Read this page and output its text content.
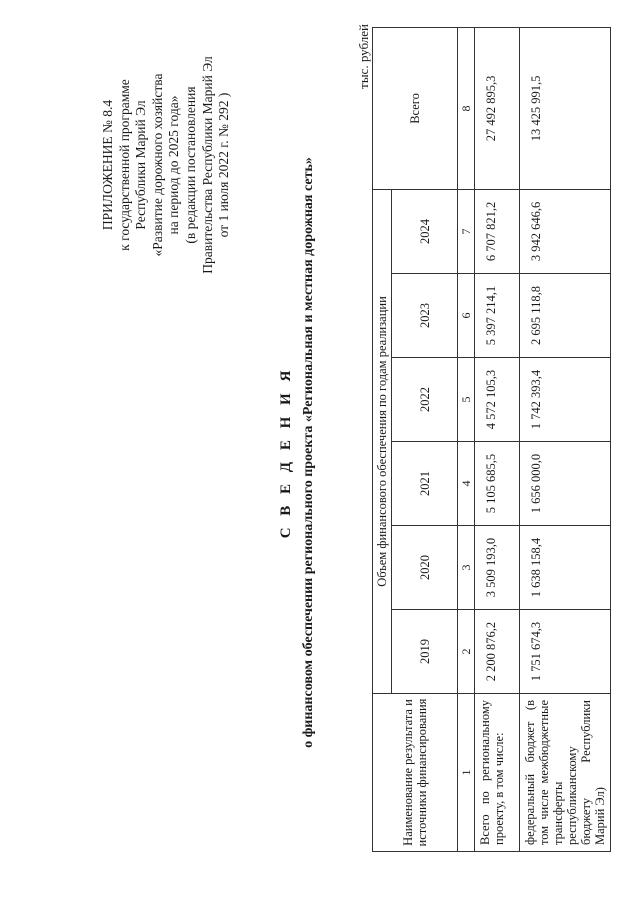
ПРИЛОЖЕНИЕ № 8.4 к государственной программе Республики Марий Эл «Развитие дорожного хозяйства на период до 2025 года» (в редакции постановления Правительства Республики Марий Эл от 1 июля 2022 г. № 292 )
С В Е Д Е Н И Я о финансовом обеспечении регионального проекта «Региональная и местная дорожная сеть»
тыс. рублей
Наименование результата и источники финансирования	Объем финансового обеспечения по годам реализации						Всего
	2019	2020	2021	2022	2023	2024	
1	2	3	4	5	6	7	8
Всего по региональному проекту, в том числе:	2 200 876,2	3 509 193,0	5 105 685,5	4 572 105,3	5 397 214,1	6 707 821,2	27 492 895,3
федеральный бюджет (в том числе межбюджетные трансферты республиканскому бюджету Республики Марий Эл)	1 751 674,3	1 638 158,4	1 656 000,0	1 742 393,4	2 695 118,8	3 942 646,6	13 425 991,5
